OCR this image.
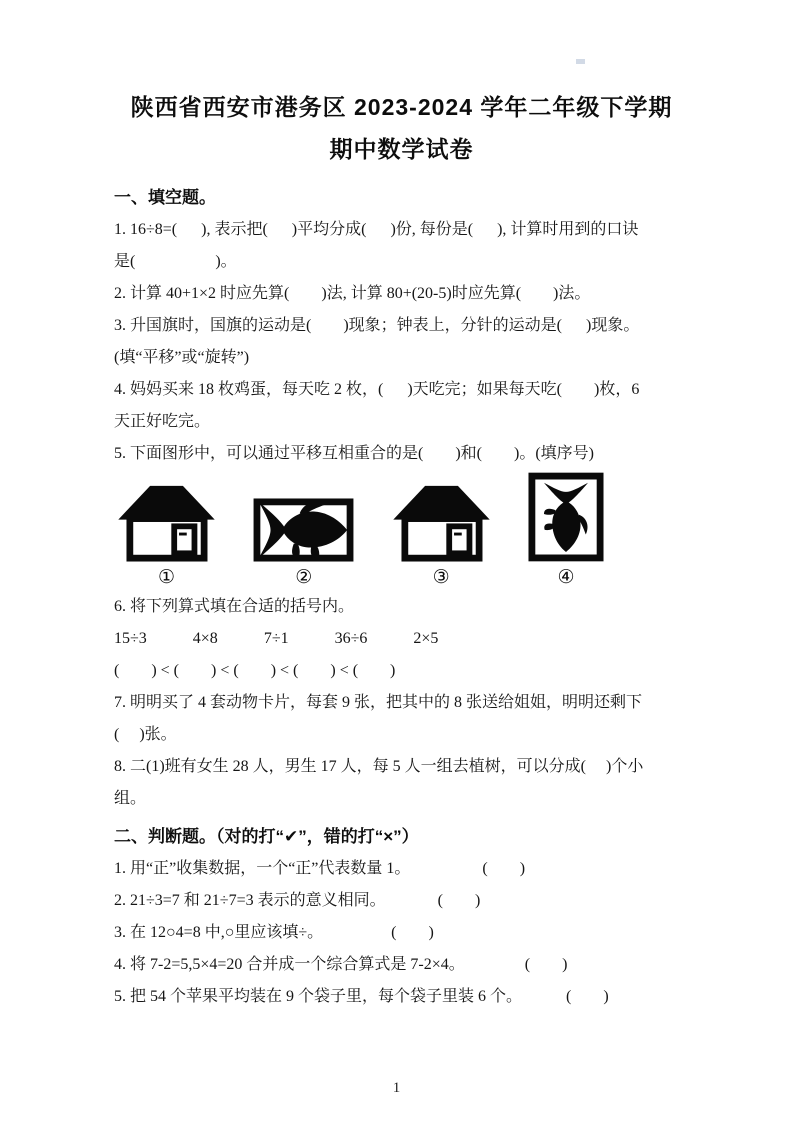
陕西省西安市港务区 2023-2024 学年二年级下学期
期中数学试卷
一、填空题。
1. 16÷8=(      ), 表示把(      )平均分成(      )份, 每份是(      ), 计算时用到的口诀
是(                    )。
2. 计算 40+1×2 时应先算(        )法, 计算 80+(20-5)时应先算(        )法。
3. 升国旗时，国旗的运动是(        )现象；钟表上，分针的运动是(      )现象。
(填“平移”或“旋转”)
4. 妈妈买来 18 枚鸡蛋，每天吃 2 枚，(      )天吃完；如果每天吃(        )枚，6
天正好吃完。
5. 下面图形中，可以通过平移互相重合的是(        )和(        )。(填序号)
①	②	③	④
6. 将下列算式填在合适的括号内。
15÷3	4×8	7÷1	36÷6	2×5
(        ) < (        ) < (        ) < (        ) < (        )
7. 明明买了 4 套动物卡片，每套 9 张，把其中的 8 张送给姐姐，明明还剩下
(     )张。
8. 二(1)班有女生 28 人，男生 17 人，每 5 人一组去植树，可以分成(     )个小
组。
二、判断题。（对的打“✔”，错的打“×”）
1. 用“正”收集数据，一个“正”代表数量 1。                  (        )
2. 21÷3=7 和 21÷7=3 表示的意义相同。             (        )
3. 在 12○4=8 中,○里应该填÷。                 (        )
4. 将 7-2=5,5×4=20 合并成一个综合算式是 7-2×4。               (        )
5. 把 54 个苹果平均装在 9 个袋子里，每个袋子里装 6 个。           (        )
1
